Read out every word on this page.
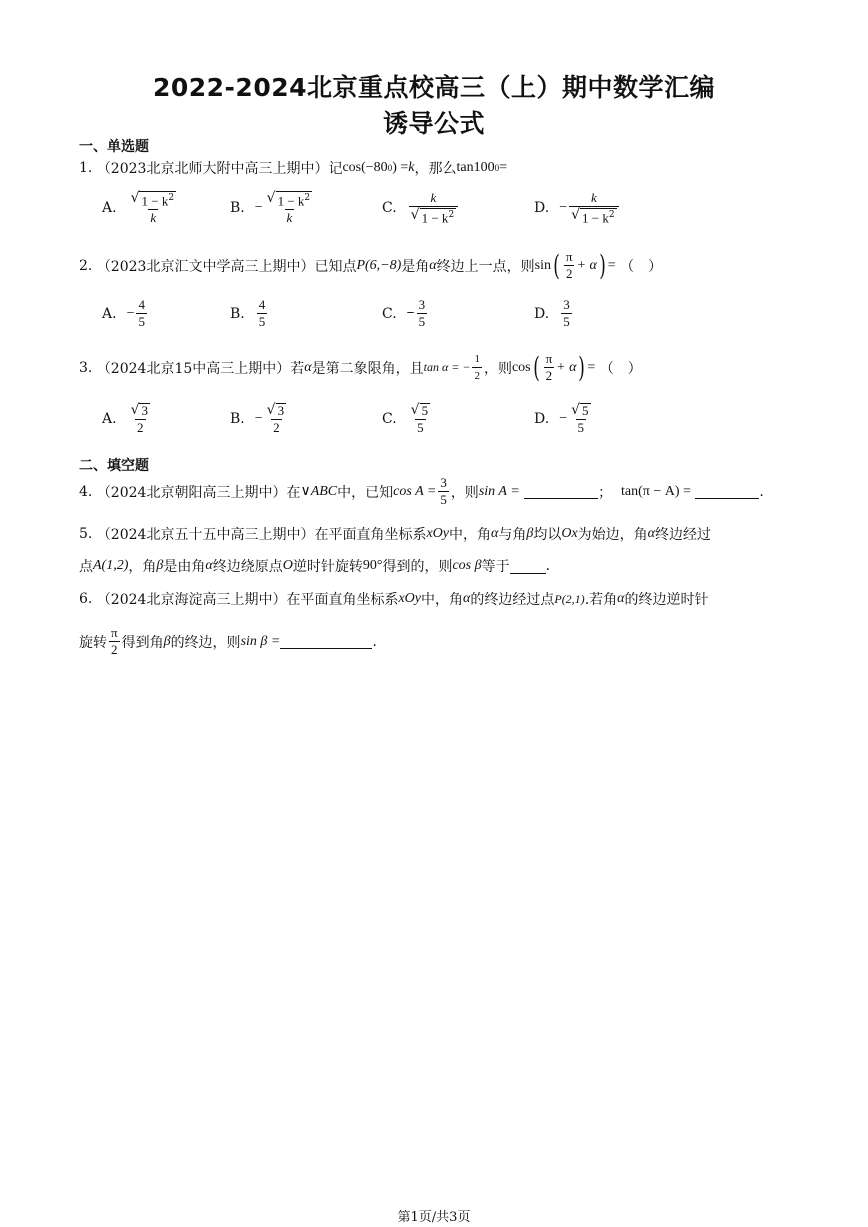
2022-2024北京重点校高三（上）期中数学汇编
诱导公式
一、单选题
1.
（2023北京北师大附中高三上期中） 记 cos(−80 0 ) = k ，那么 tan100 0 =
A. $\frac{√ 1 - k^2}{k}$	B. − $\frac{√ 1 - k^2}{k}$	C. $\frac{k}{√ 1 - k^2}$	D. − $\frac{k}{√ 1 - k^2}$
2.
（2023北京汇文中学高三上期中） 已知点 P(6,−8) 是角 α 终边上一点，则 sin ( $\frac{\pi}{2} + \alpha$ ) =
（　）
A. − $\frac{4}{5}$	B. $\frac{4}{5}$	C. − $\frac{3}{5}$	D. $\frac{3}{5}$
3.
（2024北京15中高三上期中） 若 α 是第二象限角，且 tan α = − $\frac{1}{2}$ ，则 cos ( $\frac{\pi}{2} + \alpha$ ) =
（　）
A. $\frac{√ 3}{2}$	B. − $\frac{√ 3}{2}$	C. $\frac{√ 5}{5}$	D. − $\frac{√ 5}{5}$
二、填空题
4.
（2024北京朝阳高三上期中） 在 ∨ABC 中，已知 $\cos A = \frac{3}{5}$ ，则 sin A =
	；
tan(π − A) =
	.
5.
（2024北京五十五中高三上期中） 在平面直角坐标系 xOy 中，角 α 与角 β 均以 Ox 为始边，角 α 终边经过
点 A(1,2) ，角 β 是由角 α 终边绕原点 O 逆时针旋转 90° 得到的，则 cos β 等于	.
6.
（2024北京海淀高三上期中） 在平面直角坐标系 xOy 中，角 α 的终边经过点 P(2,1) .若角 α 的终边逆时针
旋转 $\frac{\pi}{2}$ 得到角 β 的终边，则 sin β =	.
第1页/共3页
